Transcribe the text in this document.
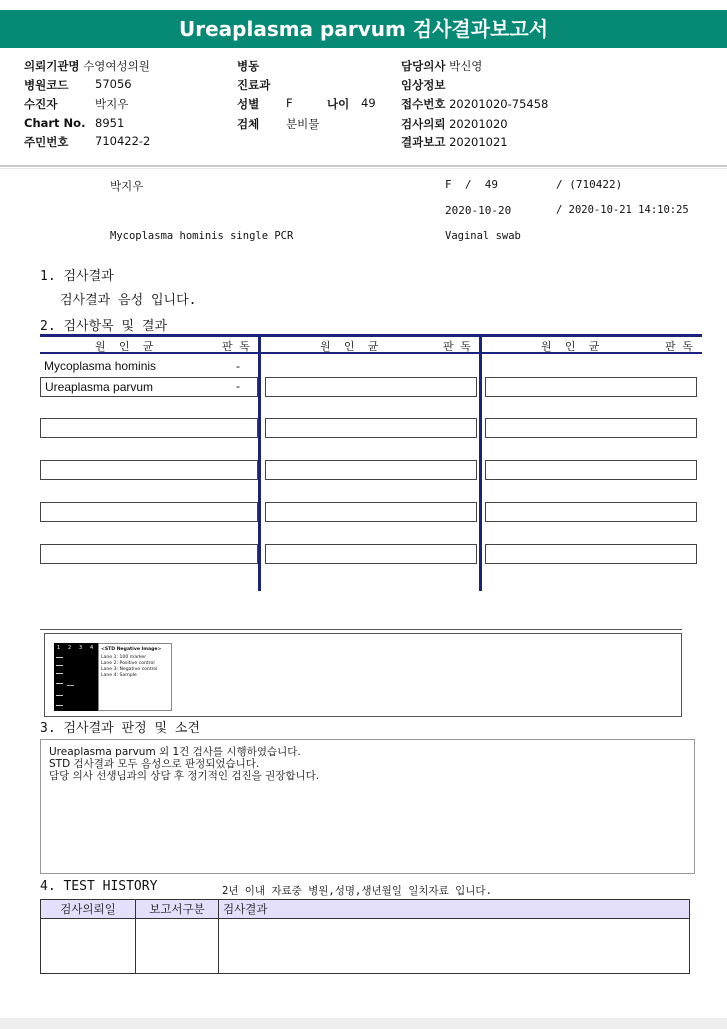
Ureaplasma parvum 검사결과보고서
의뢰기관명 수영여성의원
병원코드 57056
수진자	박지우
Chart No. 8951
주민번호 710422-2
병동
진료과
성별 F	나이 49
검체 분비물
담당의사 박신영
임상정보
접수번호 20201020-75458
검사의뢰 20201020
결과보고 20201021
박지우	F  /  49	/ (710422)
2020-10-20	/ 2020-10-21 14:10:25
Mycoplasma hominis single PCR	Vaginal swab
1. 검사결과
검사결과 음성 입니다.
2. 검사항목 및 결과
원  인  균	판 독	원  인  균	판 독	원  인  균	판 독
Mycoplasma hominis	-
Ureaplasma parvum	-
1 2 3 4 <STD Negative Image>
Lane 1: 100 marker
Lane 2: Positive control
Lane 3: Negative control
Lane 4: Sample
3. 검사결과 판정 및 소견
Ureaplasma parvum 외 1건 검사를 시행하였습니다.
STD 검사결과 모두 음성으로 판정되었습니다.
담당 의사 선생님과의 상담 후 정기적인 검진을 권장합니다.
4. TEST HISTORY	2년 이내 자료중 병원,성명,생년월일 일치자료 입니다.
검사의뢰일	보고서구분	검사결과
